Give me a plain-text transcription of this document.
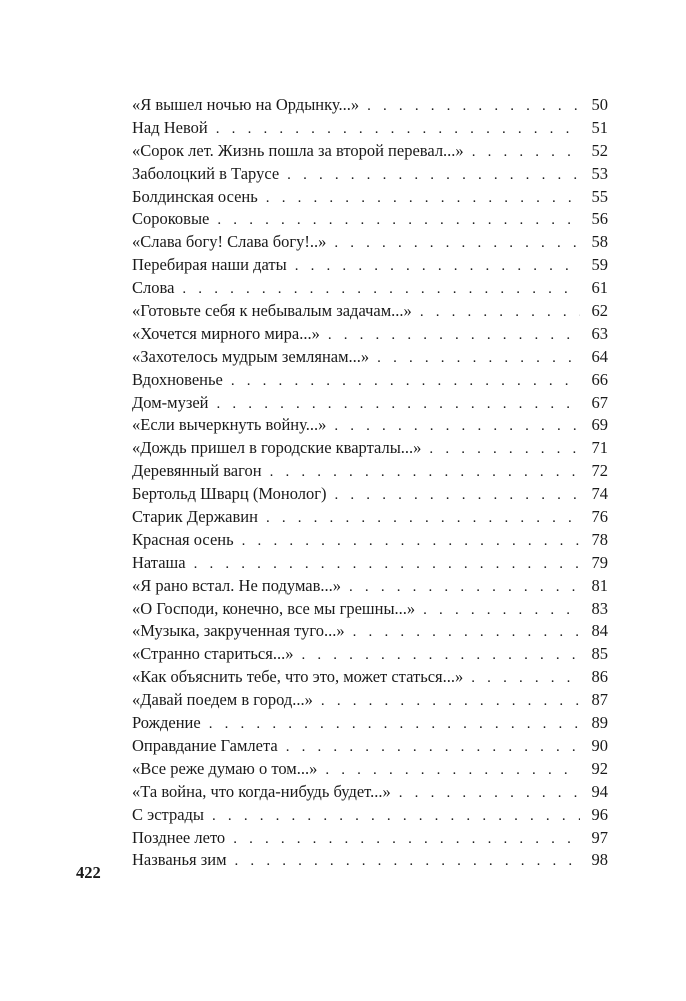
«Я вышел ночью на Ордынку...» . . .	50
Над Невой . . .	51
«Сорок лет. Жизнь пошла за второй перевал...» . . .	52
Заболоцкий в Тарусе . . .	53
Болдинская осень . . .	55
Сороковые . . .	56
«Слава богу! Слава богу!..» . . .	58
Перебирая наши даты . . .	59
Слова . . .	61
«Готовьте себя к небывалым задачам...» . . .	62
«Хочется мирного мира...» . . .	63
«Захотелось мудрым землянам...» . . .	64
Вдохновенье . . .	66
Дом-музей . . .	67
«Если вычеркнуть войну...» . . .	69
«Дождь пришел в городские кварталы...» . . .	71
Деревянный вагон . . .	72
Бертольд Шварц (Монолог) . . .	74
Старик Державин . . .	76
Красная осень . . .	78
Наташа . . .	79
«Я рано встал. Не подумав...» . . .	81
«О Господи, конечно, все мы грешны...» . . .	83
«Музыка, закрученная туго...» . . .	84
«Странно стариться...» . . .	85
«Как объяснить тебе, что это, может статься...» . . .	86
«Давай поедем в город...» . . .	87
Рождение . . .	89
Оправдание Гамлета . . .	90
«Все реже думаю о том...» . . .	92
«Та война, что когда-нибудь будет...» . . .	94
С эстрады . . .	96
Позднее лето . . .	97
Названья зим . . .	98
422
